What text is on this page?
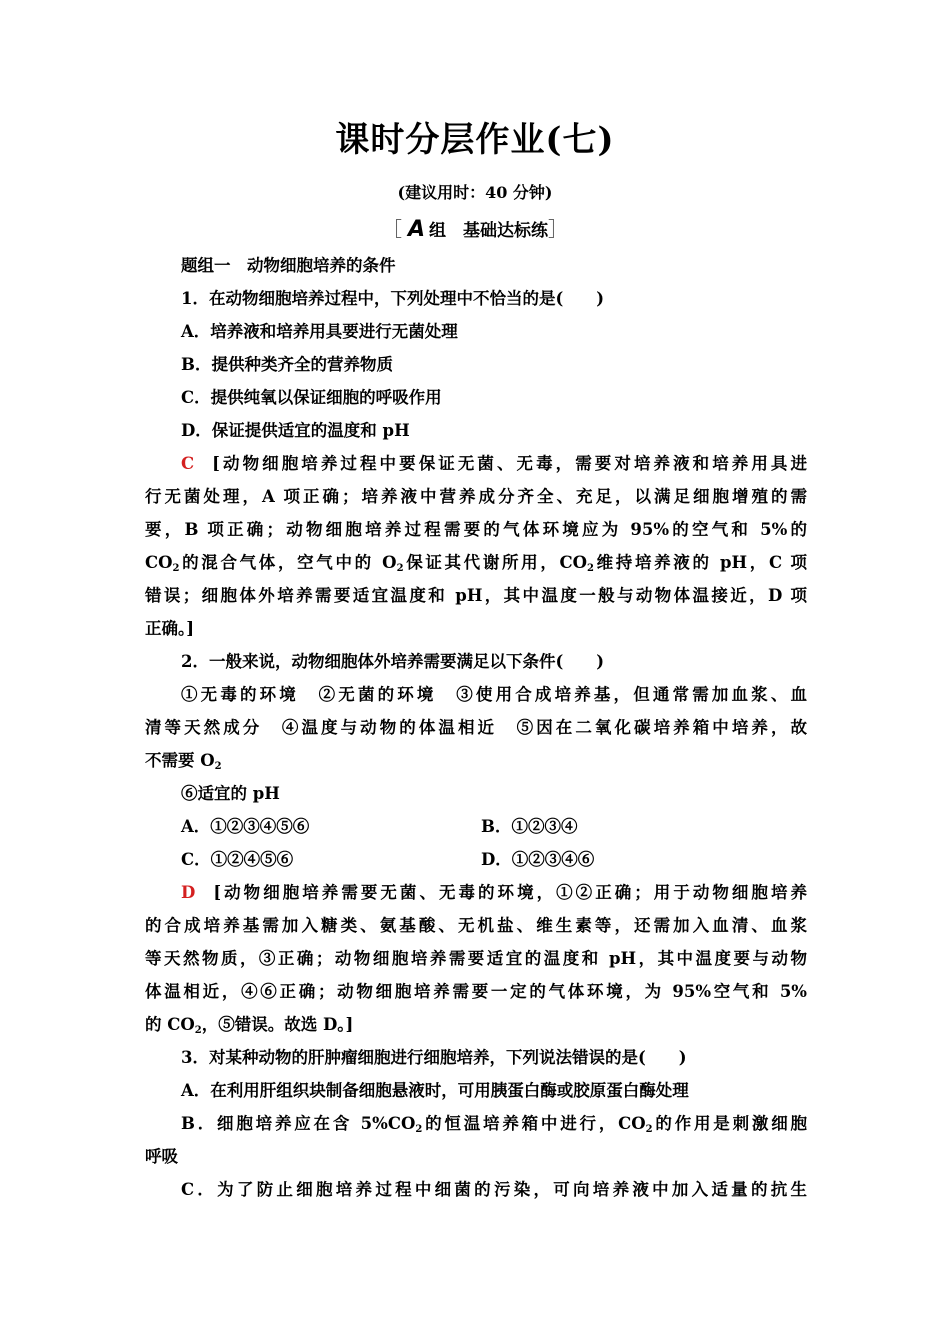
课时分层作业(七)
(建议用时：40 分钟)
［ A 组　基础达标练］
题组一　动物细胞培养的条件
1．在动物细胞培养过程中，下列处理中不恰当的是(　　)
A．培养液和培养用具要进行无菌处理
B．提供种类齐全的营养物质
C．提供纯氧以保证细胞的呼吸作用
D．保证提供适宜的温度和 pH
C [动物细胞培养过程中要保证无菌、无毒，需要对培养液和培养用具进
行无菌处理，A 项正确；培养液中营养成分齐全、充足，以满足细胞增殖的需
要，B 项正确；动物细胞培养过程需要的气体环境应为 95%的空气和 5%的
$CO_2$的混合气体，空气中的 $O_2$保证其代谢所用，$CO_2$维持培养液的 pH，C 项
错误；细胞体外培养需要适宜温度和 pH，其中温度一般与动物体温接近，D 项
正确。]
2．一般来说，动物细胞体外培养需要满足以下条件(　　)
①无毒的环境　②无菌的环境　③使用合成培养基，但通常需加血浆、血
清等天然成分　④温度与动物的体温相近　⑤因在二氧化碳培养箱中培养，故
不需要 $O_2$
⑥适宜的 pH
A．①②③④⑤⑥	B．①②③④
C．①②④⑤⑥	D．①②③④⑥
D [动物细胞培养需要无菌、无毒的环境，①②正确；用于动物细胞培养
的合成培养基需加入糖类、氨基酸、无机盐、维生素等，还需加入血清、血浆
等天然物质，③正确；动物细胞培养需要适宜的温度和 pH，其中温度要与动物
体温相近，④⑥正确；动物细胞培养需要一定的气体环境，为 95%空气和 5%
的 $CO_2$，⑤错误。故选 D。]
3．对某种动物的肝肿瘤细胞进行细胞培养，下列说法错误的是(　　)
A．在利用肝组织块制备细胞悬液时，可用胰蛋白酶或胶原蛋白酶处理
B．细胞培养应在含 $5\%CO_2$的恒温培养箱中进行，$CO_2$的作用是刺激细胞
呼吸
C．为了防止细胞培养过程中细菌的污染，可向培养液中加入适量的抗生
